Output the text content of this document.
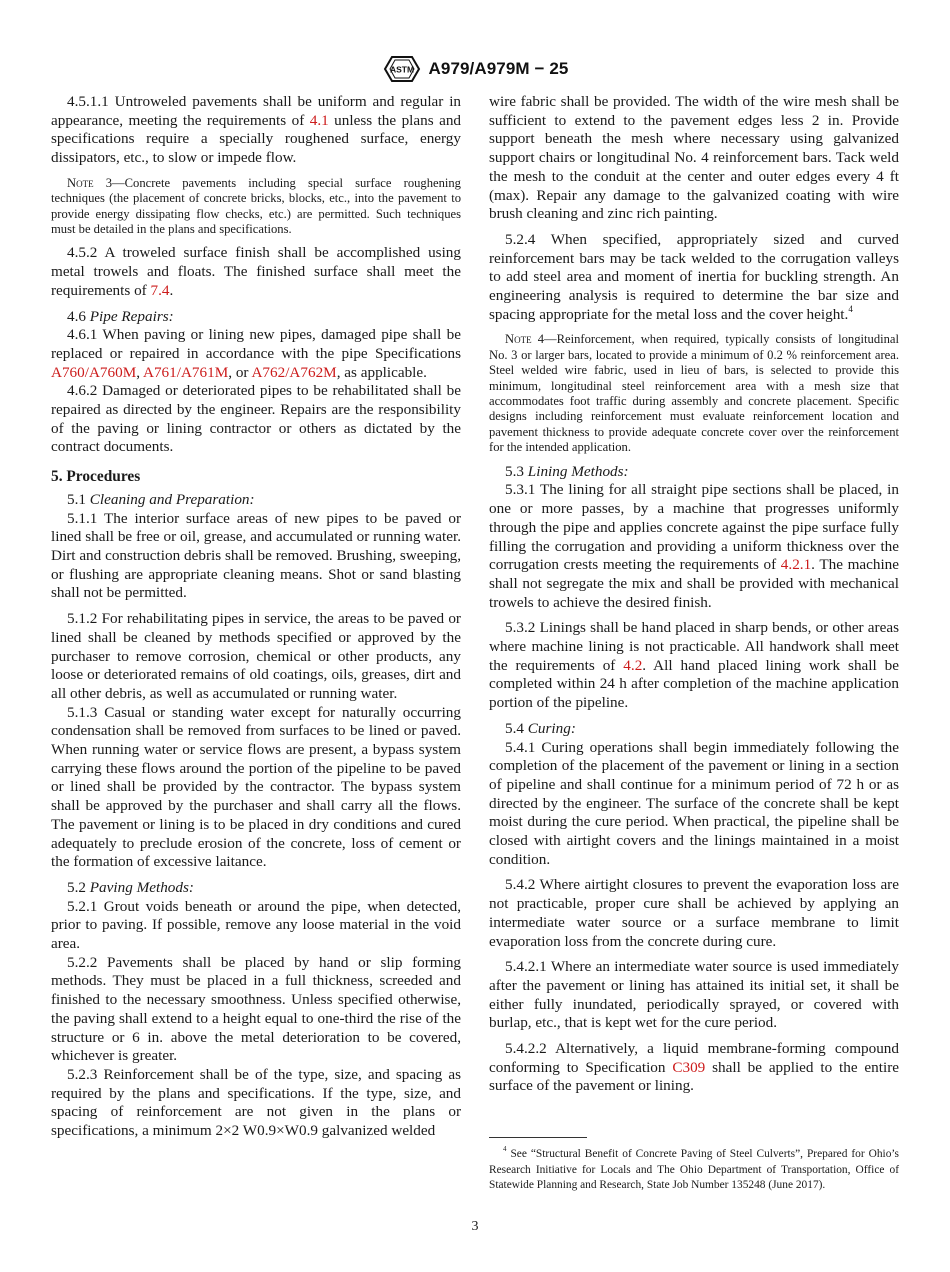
ASTM A979/A979M − 25

4.5.1.1 Untroweled pavements shall be uniform and regular in appearance, meeting the requirements of 4.1 unless the plans and specifications require a specially roughened surface, energy dissipators, etc., to slow or impede flow.

Note 3—Concrete pavements including special surface roughening techniques (the placement of concrete bricks, blocks, etc., into the pavement to provide energy dissipating flow checks, etc.) are permitted. Such techniques must be detailed in the plans and specifications.

4.5.2 A troweled surface finish shall be accomplished using metal trowels and floats. The finished surface shall meet the requirements of 7.4.

4.6 Pipe Repairs:

4.6.1 When paving or lining new pipes, damaged pipe shall be replaced or repaired in accordance with the pipe Specifications A760/A760M, A761/A761M, or A762/A762M, as applicable.

4.6.2 Damaged or deteriorated pipes to be rehabilitated shall be repaired as directed by the engineer. Repairs are the responsibility of the paving or lining contractor or others as dictated by the contract documents.

5. Procedures

5.1 Cleaning and Preparation:

5.1.1 The interior surface areas of new pipes to be paved or lined shall be free or oil, grease, and accumulated or running water. Dirt and construction debris shall be removed. Brushing, sweeping, or flushing are appropriate cleaning means. Shot or sand blasting shall not be permitted.

5.1.2 For rehabilitating pipes in service, the areas to be paved or lined shall be cleaned by methods specified or approved by the purchaser to remove corrosion, chemical or other products, any loose or deteriorated remains of old coatings, oils, greases, dirt and all other debris, as well as accumulated or running water.

5.1.3 Casual or standing water except for naturally occurring condensation shall be removed from surfaces to be lined or paved. When running water or service flows are present, a bypass system carrying these flows around the portion of the pipeline to be paved or lined shall be provided by the contractor. The bypass system shall be approved by the purchaser and shall carry all the flows. The pavement or lining is to be placed in dry conditions and cured adequately to preclude erosion of the concrete, loss of cement or the formation of excessive laitance.

5.2 Paving Methods:

5.2.1 Grout voids beneath or around the pipe, when detected, prior to paving. If possible, remove any loose material in the void area.

5.2.2 Pavements shall be placed by hand or slip forming methods. They must be placed in a full thickness, screeded and finished to the necessary smoothness. Unless specified otherwise, the paving shall extend to a height equal to one-third the rise of the structure or 6 in. above the metal deterioration to be covered, whichever is greater.

5.2.3 Reinforcement shall be of the type, size, and spacing as required by the plans and specifications. If the type, size, and spacing of reinforcement are not given in the plans or specifications, a minimum 2×2 W0.9×W0.9 galvanized welded

wire fabric shall be provided. The width of the wire mesh shall be sufficient to extend to the pavement edges less 2 in. Provide support beneath the mesh where necessary using galvanized support chairs or longitudinal No. 4 reinforcement bars. Tack weld the mesh to the conduit at the center and outer edges every 4 ft (max). Repair any damage to the galvanized coating with wire brush cleaning and zinc rich painting.

5.2.4 When specified, appropriately sized and curved reinforcement bars may be tack welded to the corrugation valleys to add steel area and moment of inertia for buckling strength. An engineering analysis is required to determine the bar size and spacing appropriate for the metal loss and the cover height.$^4$

Note 4—Reinforcement, when required, typically consists of longitudinal No. 3 or larger bars, located to provide a minimum of 0.2 % reinforcement area. Steel welded wire fabric, used in lieu of bars, is selected to provide this minimum, longitudinal steel reinforcement area with a mesh size that accommodates foot traffic during assembly and concrete placement. Specific designs including reinforcement must evaluate reinforcement location and pavement thickness to provide adequate concrete cover over the reinforcement for the intended application.

5.3 Lining Methods:

5.3.1 The lining for all straight pipe sections shall be placed, in one or more passes, by a machine that progresses uniformly through the pipe and applies concrete against the pipe surface fully filling the corrugation and providing a uniform thickness over the corrugation crests meeting the requirements of 4.2.1. The machine shall not segregate the mix and shall be provided with mechanical trowels to achieve the desired finish.

5.3.2 Linings shall be hand placed in sharp bends, or other areas where machine lining is not practicable. All handwork shall meet the requirements of 4.2. All hand placed lining work shall be completed within 24 h after completion of the machine application portion of the pipeline.

5.4 Curing:

5.4.1 Curing operations shall begin immediately following the completion of the placement of the pavement or lining in a section of pipeline and shall continue for a minimum period of 72 h or as directed by the engineer. The surface of the concrete shall be kept moist during the cure period. When practical, the pipeline shall be closed with airtight covers and the linings maintained in a moist condition.

5.4.2 Where airtight closures to prevent the evaporation loss are not practicable, proper cure shall be achieved by applying an intermediate water source or a surface membrane to limit evaporation loss from the concrete during cure.

5.4.2.1 Where an intermediate water source is used immediately after the pavement or lining has attained its initial set, it shall be either fully inundated, periodically sprayed, or covered with burlap, etc., that is kept wet for the cure period.

5.4.2.2 Alternatively, a liquid membrane-forming compound conforming to Specification C309 shall be applied to the entire surface of the pavement or lining.

$^4$ See “Structural Benefit of Concrete Paving of Steel Culverts”, Prepared for Ohio’s Research Initiative for Locals and The Ohio Department of Transportation, Office of Statewide Planning and Research, State Job Number 135248 (June 2017).
3
